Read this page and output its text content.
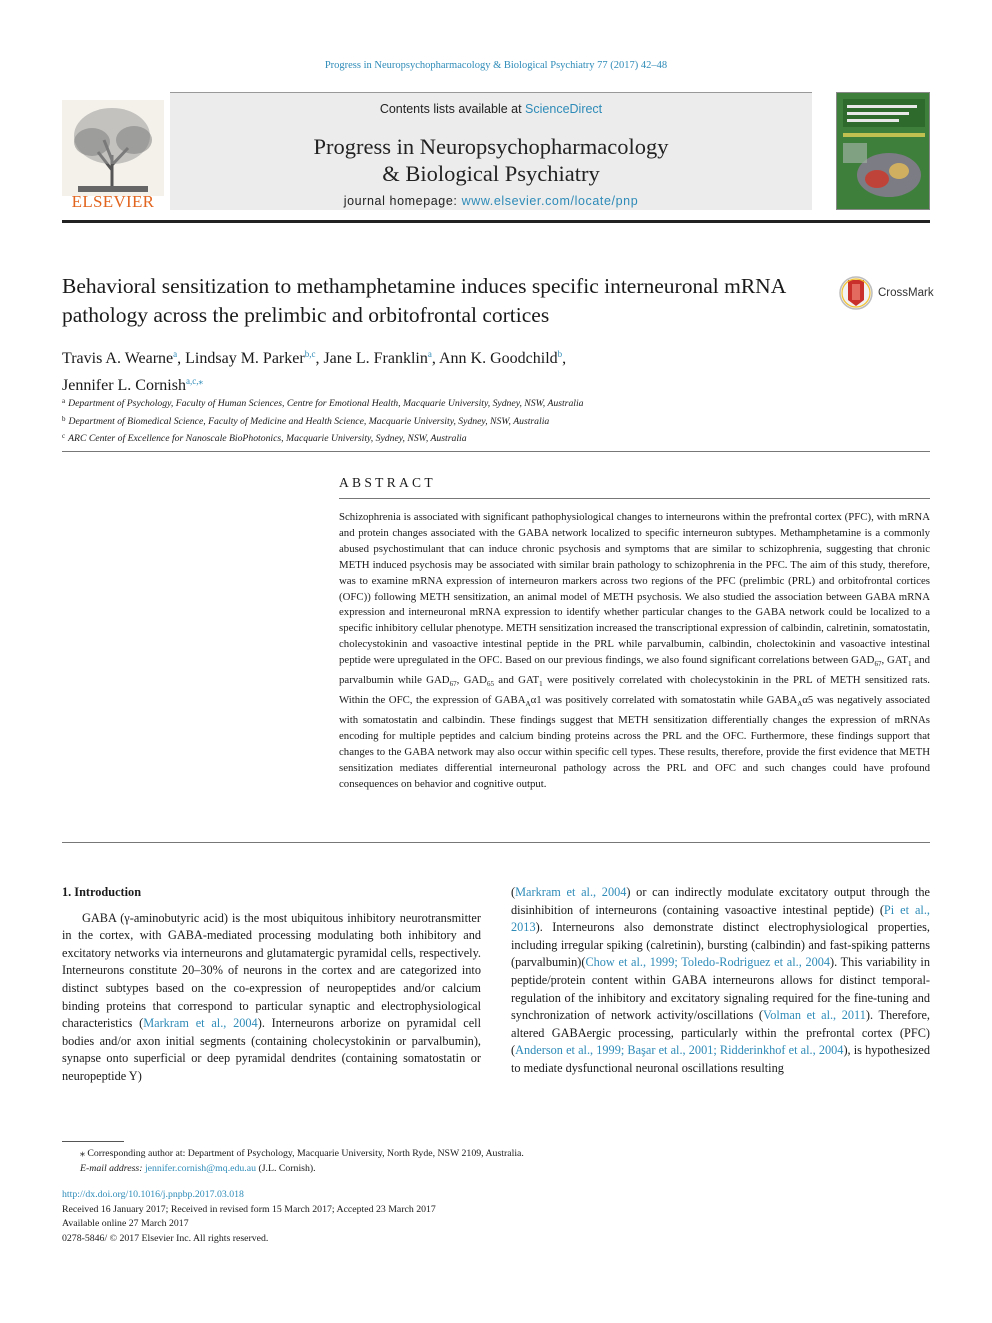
Progress in Neuropsychopharmacology & Biological Psychiatry 77 (2017) 42–48
ELSEVIER
Contents lists available at ScienceDirect
Progress in Neuropsychopharmacology
& Biological Psychiatry
journal homepage: www.elsevier.com/locate/pnp
Behavioral sensitization to methamphetamine induces specific interneuronal mRNA pathology across the prelimbic and orbitofrontal cortices
CrossMark
Travis A. Wearne$^a$, Lindsay M. Parker$^{b,c}$, Jane L. Franklin$^a$, Ann K. Goodchild$^b$,
Jennifer L. Cornish$^{a,c,⁎}$
$^a$ Department of Psychology, Faculty of Human Sciences, Centre for Emotional Health, Macquarie University, Sydney, NSW, Australia
$^b$ Department of Biomedical Science, Faculty of Medicine and Health Science, Macquarie University, Sydney, NSW, Australia
$^c$ ARC Center of Excellence for Nanoscale BioPhotonics, Macquarie University, Sydney, NSW, Australia
ABSTRACT
Schizophrenia is associated with significant pathophysiological changes to interneurons within the prefrontal cortex (PFC), with mRNA and protein changes associated with the GABA network localized to specific interneuron subtypes. Methamphetamine is a commonly abused psychostimulant that can induce chronic psychosis and symptoms that are similar to schizophrenia, suggesting that chronic METH induced psychosis may be associated with similar brain pathology to schizophrenia in the PFC. The aim of this study, therefore, was to examine mRNA expression of interneuron markers across two regions of the PFC (prelimbic (PRL) and orbitofrontal cortices (OFC)) following METH sensitization, an animal model of METH psychosis. We also studied the association between GABA mRNA expression and interneuronal mRNA expression to identify whether particular changes to the GABA network could be localized to a specific inhibitory cellular phenotype. METH sensitization increased the transcriptional expression of calbindin, calretinin, somatostatin, cholecystokinin and vasoactive intestinal peptide in the PRL while parvalbumin, calbindin, cholectokinin and vasoactive intestinal peptide were upregulated in the OFC. Based on our previous findings, we also found significant correlations between $GAD_{67}$, $GAT_1$ and parvalbumin while $GAD_{67}$, $GAD_{65}$ and $GAT_1$ were positively correlated with cholecystokinin in the PRL of METH sensitized rats. Within the OFC, the expression of $GABA_A\alpha 1$ was positively correlated with somatostatin while $GABA_A\alpha 5$ was negatively associated with somatostatin and calbindin. These findings suggest that METH sensitization differentially changes the expression of mRNAs encoding for multiple peptides and calcium binding proteins across the PRL and the OFC. Furthermore, these findings support that changes to the GABA network may also occur within specific cell types. These results, therefore, provide the first evidence that METH sensitization mediates differential interneuronal pathology across the PRL and OFC and such changes could have profound consequences on behavior and cognitive output.
1. Introduction

GABA (γ-aminobutyric acid) is the most ubiquitous inhibitory neurotransmitter in the cortex, with GABA-mediated processing modulating both inhibitory and excitatory networks via interneurons and glutamatergic pyramidal cells, respectively. Interneurons constitute 20–30% of neurons in the cortex and are categorized into distinct subtypes based on the co-expression of neuropeptides and/or calcium binding proteins that correspond to particular synaptic and electrophysiological characteristics (Markram et al., 2004). Interneurons arborize on pyramidal cell bodies and/or axon initial segments (containing cholecystokinin or parvalbumin), synapse onto superficial or deep pyramidal dendrites (containing somatostatin or neuropeptide Y)

(Markram et al., 2004) or can indirectly modulate excitatory output through the disinhibition of interneurons (containing vasoactive intestinal peptide) (Pi et al., 2013). Interneurons also demonstrate distinct electrophysiological properties, including irregular spiking (calretinin), bursting (calbindin) and fast-spiking patterns (parvalbumin)(Chow et al., 1999; Toledo-Rodriguez et al., 2004). This variability in peptide/protein content within GABA interneurons allows for distinct temporal-regulation of the inhibitory and excitatory signaling required for the fine-tuning and synchronization of network activity/oscillations (Volman et al., 2011). Therefore, altered GABAergic processing, particularly within the prefrontal cortex (PFC) (Anderson et al., 1999; Başar et al., 2001; Ridderinkhof et al., 2004), is hypothesized to mediate dysfunctional neuronal oscillations resulting

⁎ Corresponding author at: Department of Psychology, Macquarie University, North Ryde, NSW 2109, Australia.
E-mail address: jennifer.cornish@mq.edu.au (J.L. Cornish).
http://dx.doi.org/10.1016/j.pnpbp.2017.03.018
Received 16 January 2017; Received in revised form 15 March 2017; Accepted 23 March 2017
Available online 27 March 2017
0278-5846/ © 2017 Elsevier Inc. All rights reserved.
